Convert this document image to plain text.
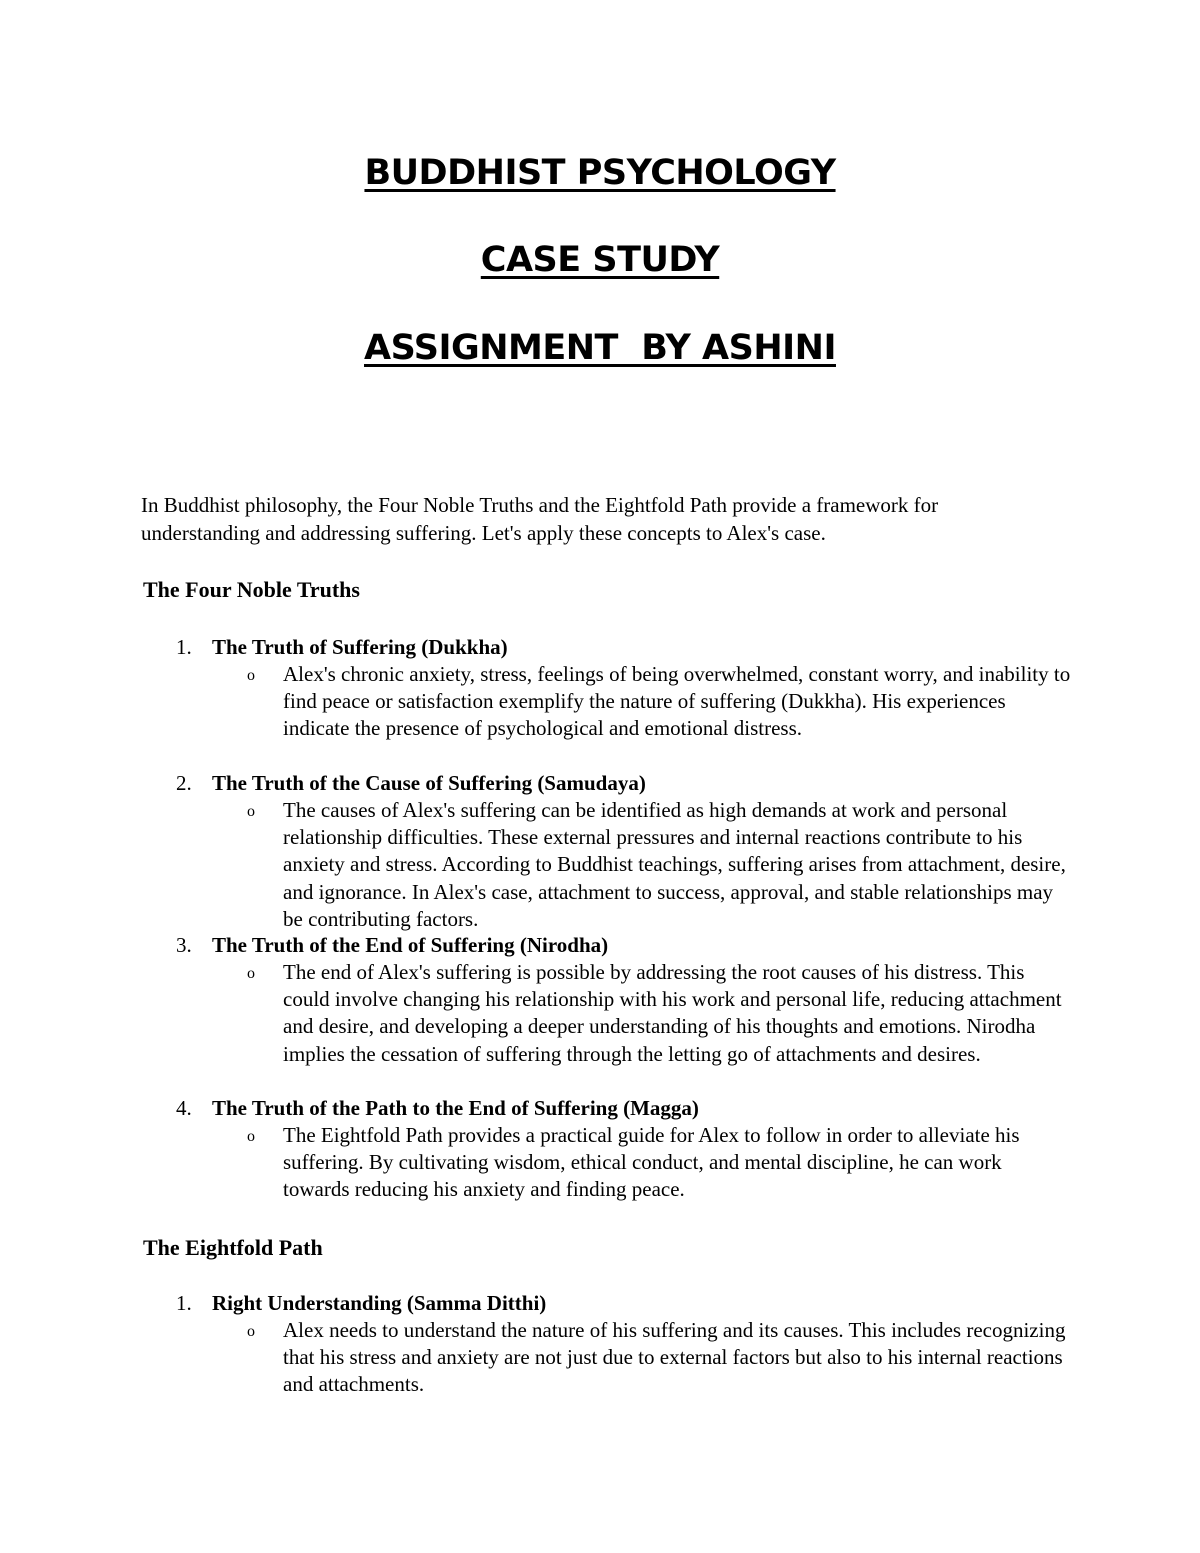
BUDDHIST PSYCHOLOGY
CASE STUDY
ASSIGNMENT  BY ASHINI
In Buddhist philosophy, the Four Noble Truths and the Eightfold Path provide a framework for understanding and addressing suffering. Let's apply these concepts to Alex's case.
The Four Noble Truths
1. The Truth of Suffering (Dukkha)
o Alex's chronic anxiety, stress, feelings of being overwhelmed, constant worry, and inability to find peace or satisfaction exemplify the nature of suffering (Dukkha). His experiences indicate the presence of psychological and emotional distress.
2. The Truth of the Cause of Suffering (Samudaya)
o The causes of Alex's suffering can be identified as high demands at work and personal relationship difficulties. These external pressures and internal reactions contribute to his anxiety and stress. According to Buddhist teachings, suffering arises from attachment, desire, and ignorance. In Alex's case, attachment to success, approval, and stable relationships may be contributing factors.
3. The Truth of the End of Suffering (Nirodha)
o The end of Alex's suffering is possible by addressing the root causes of his distress. This could involve changing his relationship with his work and personal life, reducing attachment and desire, and developing a deeper understanding of his thoughts and emotions. Nirodha implies the cessation of suffering through the letting go of attachments and desires.
4. The Truth of the Path to the End of Suffering (Magga)
o The Eightfold Path provides a practical guide for Alex to follow in order to alleviate his suffering. By cultivating wisdom, ethical conduct, and mental discipline, he can work towards reducing his anxiety and finding peace.
The Eightfold Path
1. Right Understanding (Samma Ditthi)
o Alex needs to understand the nature of his suffering and its causes. This includes recognizing that his stress and anxiety are not just due to external factors but also to his internal reactions and attachments.
